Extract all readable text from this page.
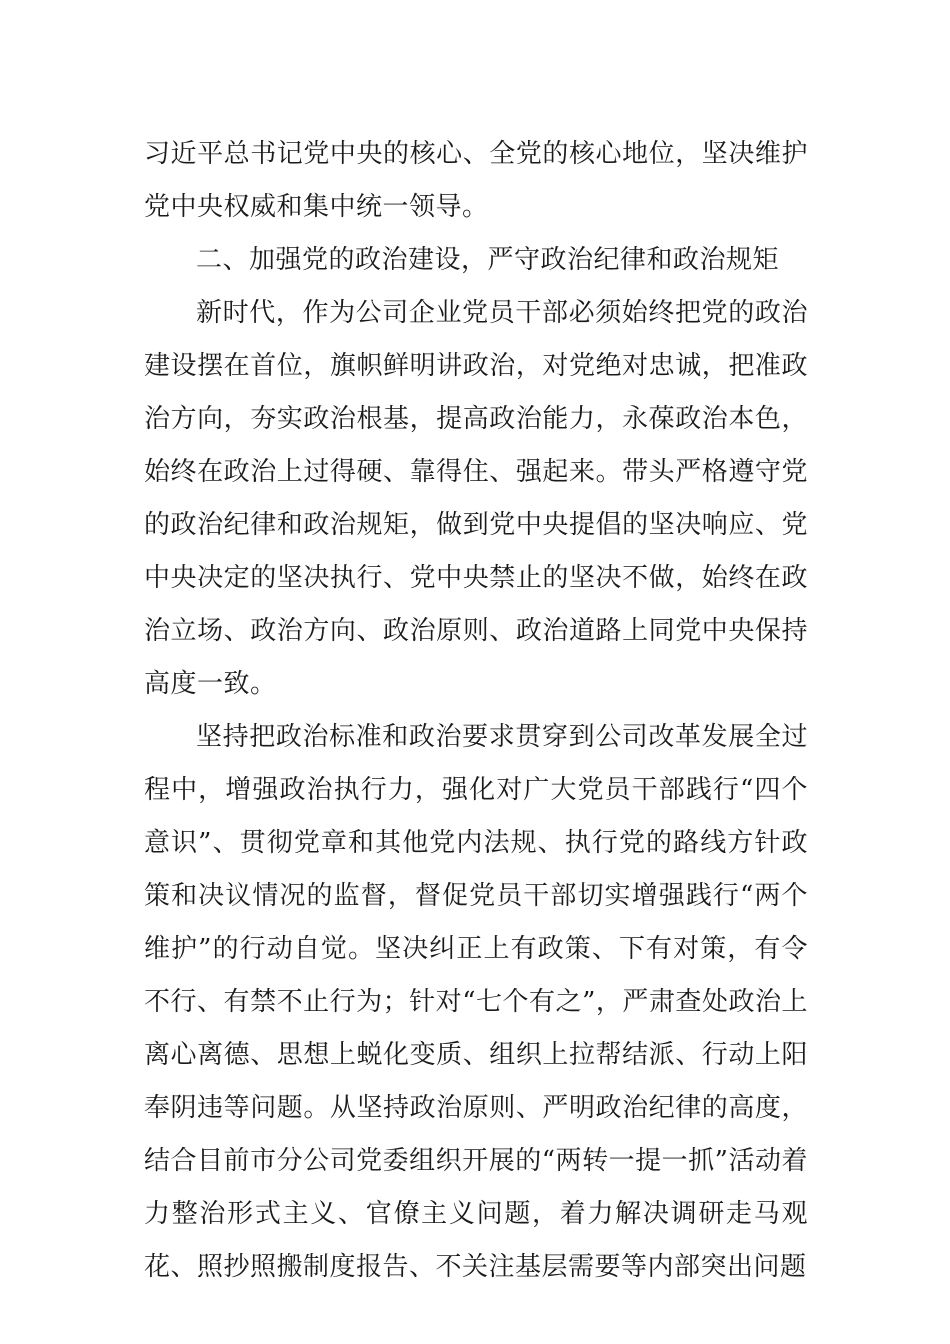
习近平总书记党中央的核心、全党的核心地位，坚决维护党中央权威和集中统一领导。

二、加强党的政治建设，严守政治纪律和政治规矩

新时代，作为公司企业党员干部必须始终把党的政治建设摆在首位，旗帜鲜明讲政治，对党绝对忠诚，把准政治方向，夯实政治根基，提高政治能力，永葆政治本色，始终在政治上过得硬、靠得住、强起来。带头严格遵守党的政治纪律和政治规矩，做到党中央提倡的坚决响应、党中央决定的坚决执行、党中央禁止的坚决不做，始终在政治立场、政治方向、政治原则、政治道路上同党中央保持高度一致。

坚持把政治标准和政治要求贯穿到公司改革发展全过程中，增强政治执行力，强化对广大党员干部践行“四个意识”、贯彻党章和其他党内法规、执行党的路线方针政策和决议情况的监督，督促党员干部切实增强践行“两个维护”的行动自觉。坚决纠正上有政策、下有对策，有令不行、有禁不止行为；针对“七个有之”，严肃查处政治上离心离德、思想上蜕化变质、组织上拉帮结派、行动上阳奉阴违等问题。从坚持政治原则、严明政治纪律的高度，结合目前市分公司党委组织开展的“两转一提一抓”活动着力整治形式主义、官僚主义问题，着力解决调研走马观花、照抄照搬制度报告、不关注基层需要等内部突出问题
